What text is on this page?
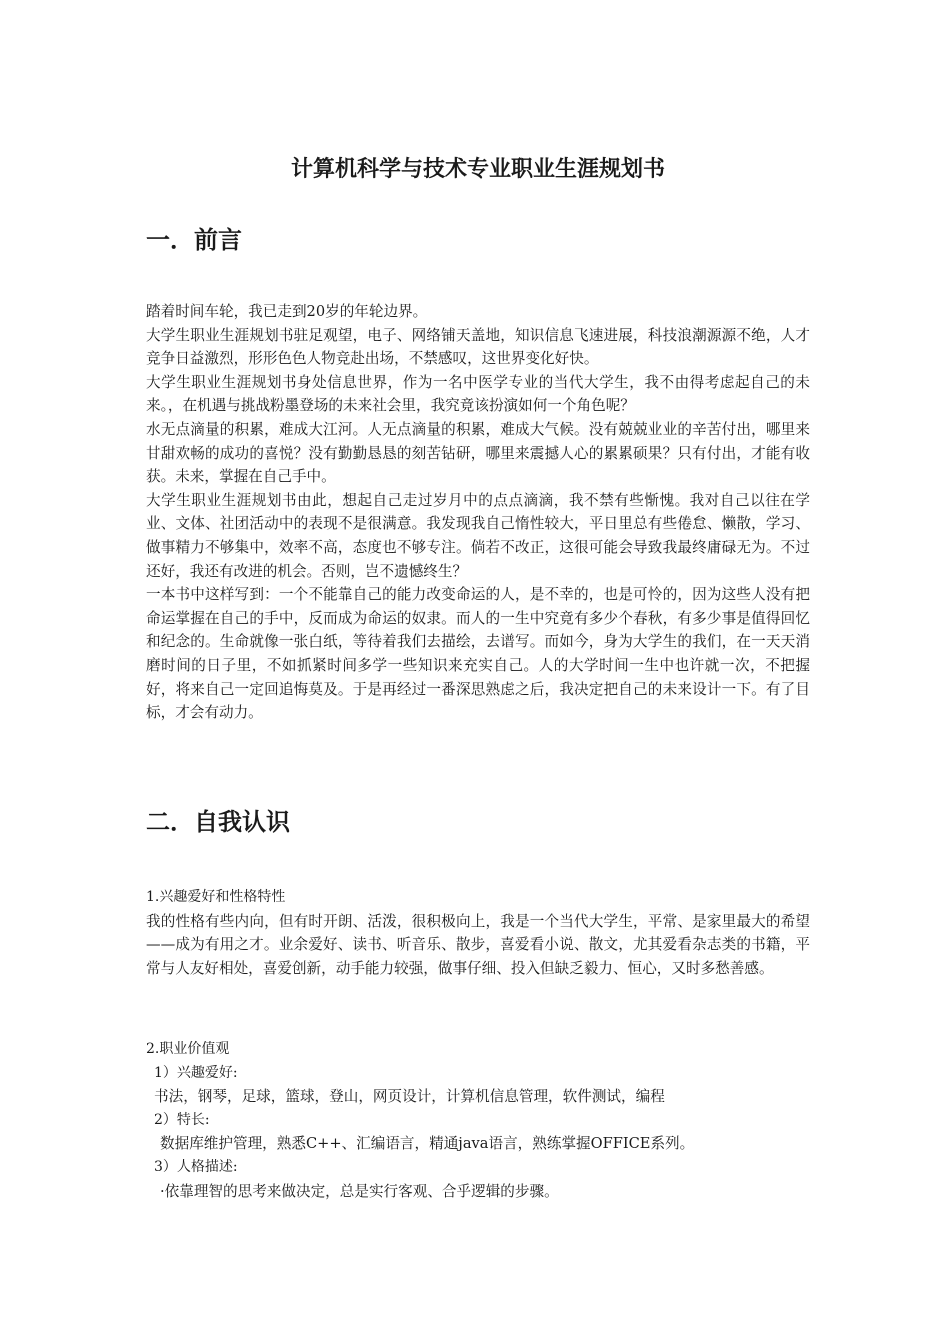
计算机科学与技术专业职业生涯规划书
一．前言

踏着时间车轮，我已走到20岁的年轮边界。

大学生职业生涯规划书驻足观望，电子、网络铺天盖地，知识信息飞速进展，科技浪潮源源不绝，人才竞争日益激烈，形形色色人物竞赴出场，不禁感叹，这世界变化好快。

大学生职业生涯规划书身处信息世界，作为一名中医学专业的当代大学生，我不由得考虑起自己的未来。，在机遇与挑战粉墨登场的未来社会里，我究竟该扮演如何一个角色呢？

水无点滴量的积累，难成大江河。人无点滴量的积累，难成大气候。没有兢兢业业的辛苦付出，哪里来甘甜欢畅的成功的喜悦？没有勤勤恳恳的刻苦钻研，哪里来震撼人心的累累硕果？只有付出，才能有收获。未来，掌握在自己手中。

大学生职业生涯规划书由此，想起自己走过岁月中的点点滴滴，我不禁有些惭愧。我对自己以往在学业、文体、社团活动中的表现不是很满意。我发现我自己惰性较大，平日里总有些倦怠、懒散，学习、做事精力不够集中，效率不高，态度也不够专注。倘若不改正，这很可能会导致我最终庸碌无为。不过还好，我还有改进的机会。否则，岂不遗憾终生？

一本书中这样写到：一个不能靠自己的能力改变命运的人，是不幸的，也是可怜的，因为这些人没有把命运掌握在自己的手中，反而成为命运的奴隶。而人的一生中究竟有多少个春秋，有多少事是值得回忆和纪念的。生命就像一张白纸，等待着我们去描绘，去谱写。而如今，身为大学生的我们，在一天天消磨时间的日子里，不如抓紧时间多学一些知识来充实自己。人的大学时间一生中也许就一次，不把握好，将来自己一定回追悔莫及。于是再经过一番深思熟虑之后，我决定把自己的未来设计一下。有了目标，才会有动力。

二．自我认识

1.兴趣爱好和性格特性

我的性格有些内向，但有时开朗、活泼，很积极向上，我是一个当代大学生，平常、是家里最大的希望——成为有用之才。业余爱好、读书、听音乐、散步，喜爱看小说、散文，尤其爱看杂志类的书籍，平常与人友好相处，喜爱创新，动手能力较强，做事仔细、投入但缺乏毅力、恒心，又时多愁善感。

2.职业价值观

1）兴趣爱好:

书法，钢琴，足球，篮球，登山，网页设计，计算机信息管理，软件测试，编程

2）特长:

数据库维护管理，熟悉C++、汇编语言，精通java语言，熟练掌握OFFICE系列。

3）人格描述:

·依靠理智的思考来做决定，总是实行客观、合乎逻辑的步骤。
